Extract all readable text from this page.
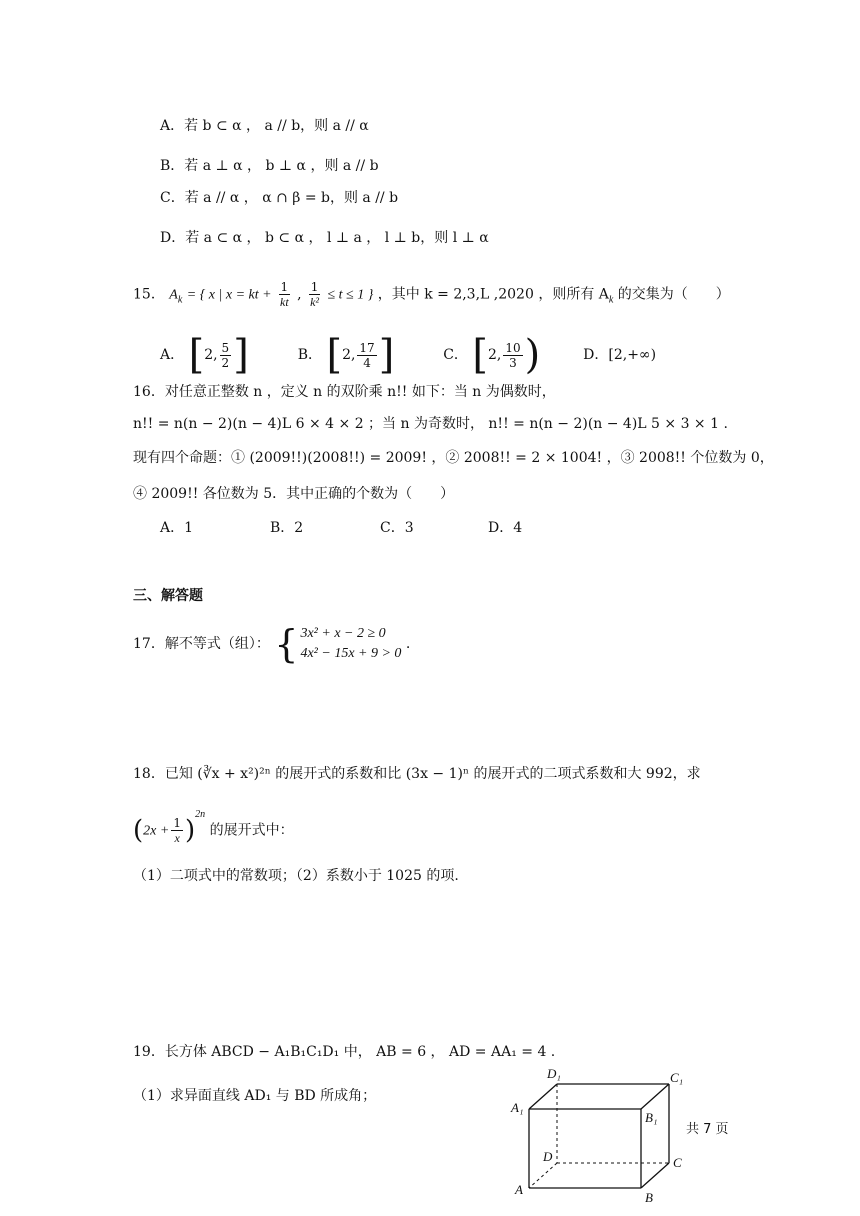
A．若 b ⊂ α ， a // b，则 a // α
B．若 a ⊥ α ， b ⊥ α ，则 a // b
C．若 a // α ， α ∩ β = b，则 a // b
D．若 a ⊂ α ， b ⊂ α ， l ⊥ a ， l ⊥ b，则 l ⊥ α
15． $A_k$ = { x | x = kt + $\frac{1}{kt}$ , $\frac{1}{\text{k²}} \le t \le 1$ } ，其中 k = 2,3,L ,2020 ，则所有 $A_k$ 的交集为（　　）
A． [ 2, $\frac{5}{2}$ ]	B． [ 2, $\frac{17}{4}$ ]	C． [ 2, $\frac{10}{3}$ )	D．[2,+∞)
16．对任意正整数 n ，定义 n 的双阶乘 n!! 如下：当 n 为偶数时，
n!! = n(n − 2)(n − 4)L 6 × 4 × 2 ；当 n 为奇数时， n!! = n(n − 2)(n − 4)L 5 × 3 × 1 .
现有四个命题：① (2009!!)(2008!!) = 2009! ，② 2008!! = 2 × 1004! ，③ 2008!! 个位数为 0，
④ 2009!! 各位数为 5．其中正确的个数为（　　）
A．1	B．2	C．3	D．4
三、解答题
17．解不等式（组）： { 3x² + x − 2 ≥ 0
4x² − 15x + 9 > 0
.
18．已知 (∛x + x²)²ⁿ 的展开式的系数和比 (3x − 1)ⁿ 的展开式的二项式系数和大 992，求
$(2x + \frac{1}{x} )^{2n}$ 的展开式中：
（1）二项式中的常数项；（2）系数小于 1025 的项.
19．长方体 ABCD − A₁B₁C₁D₁ 中， AB = 6 ， AD = AA₁ = 4 .
（1）求异面直线 AD₁ 与 BD 所成角；
D₁	C₁
A₁
B₁
D	C
A
B
共 7 页
